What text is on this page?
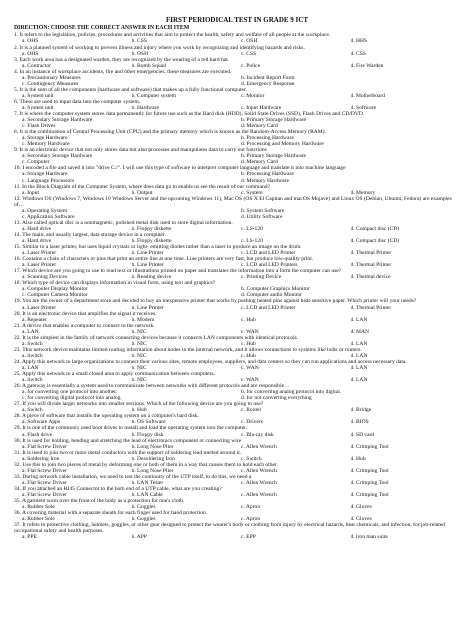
FIRST PERIODICAL TEST IN GRADE 9 ICT
DIRECTION: CHOOSE THE CORRECT ANSWER IN EACH ITEM
1. It refers to the legislation, policies, procedures and activities that aim to protect the health, safety and welfare of all people at the workplace.
a. OHS	b. CSS	c. OSH	d. HHS
2. It is a planned system of working to prevent illness and injury where you work by recognizing and identifying hazards and risks.
a. OHS	b. OSH	c. CSS	d. CSS
3. Each work area has a designated warden, they are recognized by the wearing of a red hard hat.
a. Contractor	b. Bomb Squad	c. Police	d. Fire Warden
4. In an instance of workplace accidents, fire and other emergencies, these measures are executed.
a. Precautionary Measures	b. Incident Report Form
c. Contingency Measures	d. Emergency Response
5. It is the sum of all the components (hardware and software) that makes up a fully functional computer.
a. System unit	b. Computer system	c. Monitor	d. Motherboard
6. These are used to input data into the computer system.
a. System unit	b. Hardware	c. Input Hardware	d. Software
7. It is where the computer system stores data permanently for future use such as the Hard disk (HDD), Solid State Drives (SSD), Flash Drives and CD/DVD.
a. Secondary Storage Hardware	b. Primary Storage Hardware
c. Flash Drives	d. Memory Card
8. It is the combination of Central Processing Unit (CPU) and the primary memory which is known as the Random-Access Memory (RAM).
a. Storage Hardware	b. Processing Hardware
c. Memory Hardware	d. Processing and Memory Hardware
9. It is an electronic device that not only stores data but also processes and manipulates data to carry out functions
a. Secondary Storage Hardware	b. Primary Storage Hardware
c. Computer	d. Memory Card
10. I encoded a file and saved it into "drive C:/". I will use this type of software to interpret computer language and translate it into machine language
a. Storage Hardware	b. Processing Hardware
c. Language Processors	d. Memory Hardware
11. In the Block Diagram of the Computer System, where does data go to enable us see the result of our command?
a. Input	b. Output	c. System	d. Memory
12. Windows OS (Windows 7, Windows 10 Windows Server and the upcoming Windows 11), Mac OS (OS X El Capitan and macOS Mojave) and Linux OS (Debian, Ubuntu, Fedora) are examples of…
a. Operating System	b. System Software
c. Application Software	d. Utility Software
13. Also called optical disc is a nonmagnetic, polished metal disk used to store digital information.
a. Hard drive	b. Floppy diskette	c. LS-120	d. Compact disc (CD)
14. The main, and usually largest, data storage device in a computer.
a. Hard drive	b. Floppy diskette	c. LS-120	d. Compact disc (CD)
15. Similar to a laser printer, but uses liquid crystals or light- emitting diodes rather than a laser to produce an image on the drum.
a. Laser Printer	b. Line Printer	c. LCD and LED Printer	d. Thermal Printer
16. Contains a chain of characters or pins that print an entire line at one time. Line printers are very fast, but produce low-quality print.
a. Laser Printer	b. Line Printer	c. LCD and LED Printers	d. Thermal Printer
17. Which device are you going to use to read text or illustrations printed on paper and translates the information into a form the computer can use?
a. Scanning Devices	b. Reading device	c. Printing Device	d. Thermal device
18. Which type of device can displays information in visual form, using text and graphics?
a. Computer Display Monitor	b. Computer Graphics Monitor
c. Computer Camera Monitor	d. Computer audio Monitor
19. You are the owner of a department store and decided to buy an inexpensive printer that works by pushing heated pins against heat-sensitive paper. Which printer will your needs?
a. Laser Printer	b. Line Printer	c. LCD and LED Printer	d. Thermal Printer
20. It is an electronic device that amplifies the signal it receives.
a. Repeater	b. Modem	c. Hub	d. LAN
21. A device that enables a computer to connect to the network.
a. LAN	b. NIC	c. WAN	d. MAN
22. It is the simplest in the family of network connecting devices because it connects LAN components with identical protocols.
a. Switch	b. NIC	c. Hub	d. LAN
23. This network device maintains limited routing information about nodes in the internal network, and it allows connections to systems like hubs or routers.
a. Switch	b. NIC	c. Hub	d. LAN
24. Apply this network to large organizations to connect their various sites, remote employees, suppliers, and data centers so they can run applications and access necessary data.
a. LAN	b. NIC	c. WAN	d. LAN
25. Apply this network to a small closed area to apply communication between computers.
a. Switch	b. NIC	c. WAN	d. LAN
26. A gateway is essentially a system used to communicate between networks with different protocols and are responsible…
a. for converting one protocol into another.	b. for converting analog protocol into digital.
c. for converting digital protocol into analog.	d. for not converting everything
27. If you will divide larger networks into smaller sections. Which of the following device are you going to use?
a. Switch	b. Hub	c. Router	d. Bridge
28. A piece of software that installs the operating system on a computer's hard disk.
a. Software Apps	b. OS Software	c. Drivers	d. BIOS
29. It is one of the commonly used boot drives to install and load the operating system into the computer.
a. Flash drive	b. Floppy disk	c. Blu-ray disk	d. SD card
30. It is used for holding, bending and stretching the lead of electronics component or connecting wire
a. Flat Screw Driver	b. Long Nose Plier	c. Allen Wrench	d. Crimping Tool
31. It is used to join two or more metal conductors with the support of soldering lead melted around it.
a. Soldering Iron	b. Desoldering Iron	c. Switch	d. Hub
32. Use this to join two pieces of metal by deforming one or both of them in a way that causes them to hold each other.
a. Flat Screw Driver	b. Long Nose Plier	c. Allen Wrench	d. Crimping Tool
33. During network cable installation, we need to test the continuity of the UTP itself, to do this, we need a
a. Flat Screw Driver	b. LAN Tester	c. Allen Wrench	d. Crimping Tool
34. If you attached an RJ45 Connector to the both end of a UTP cable, what are you creating?
a. Flat Screw Driver	b. LAN Cable	c. Allen Wrench	d. Crimping Tool
35. A garment worn over the front of the body as a protection for one's cloth.
a. Rubber Sole	b. Goggles	c. Apron	d. Gloves
36. A covering material with a separate sheath for each finger used for hand protection.
a. Rubber Sole	b. Goggles	c. Apron	d. Gloves
37. It refers to protective clothing, helmets, goggles, or other gear designed to protect the wearer's body or clothing from injury by electrical hazards, heat chemicals, and infection, for job-related occupational safety and health purposes.
a. PPE	b. APP	c. EPP	d. iron man suite
